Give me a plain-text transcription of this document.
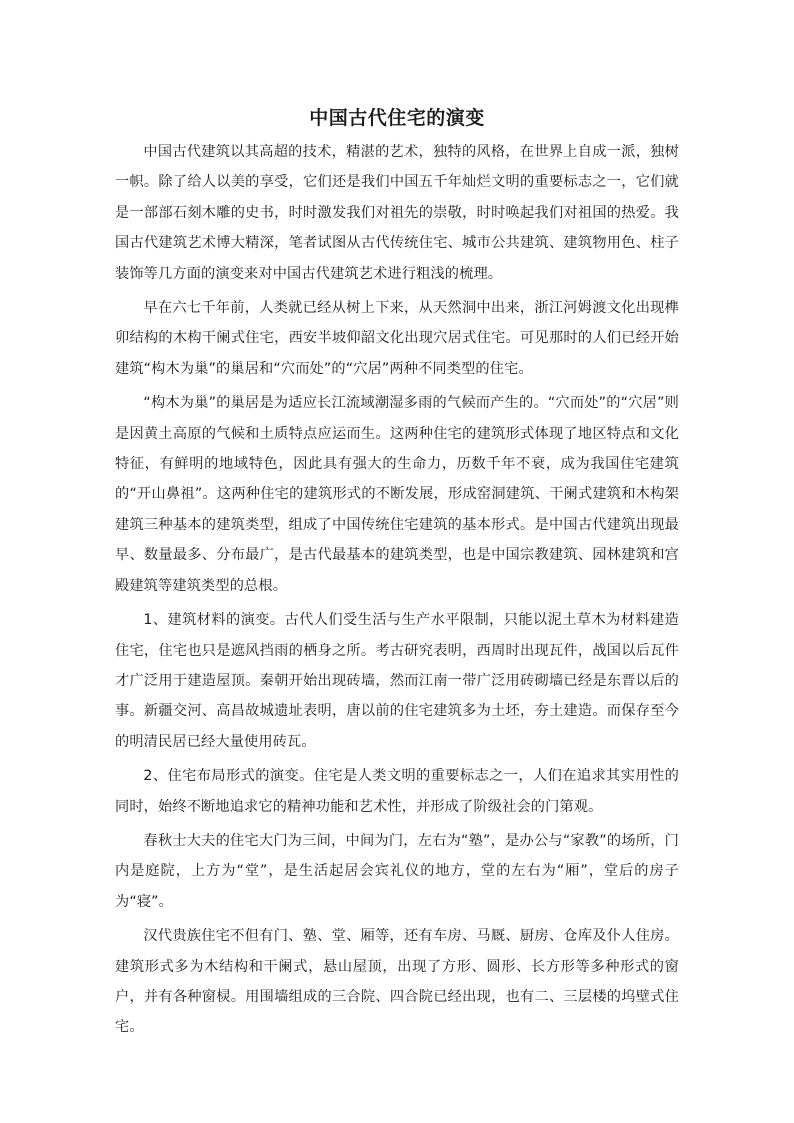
中国古代住宅的演变

中国古代建筑以其高超的技术，精湛的艺术，独特的风格，在世界上自成一派，独树一帜。除了给人以美的享受，它们还是我们中国五千年灿烂文明的重要标志之一，它们就是一部部石刻木雕的史书，时时激发我们对祖先的崇敬，时时唤起我们对祖国的热爱。我国古代建筑艺术博大精深，笔者试图从古代传统住宅、城市公共建筑、建筑物用色、柱子装饰等几方面的演变来对中国古代建筑艺术进行粗浅的梳理。

早在六七千年前，人类就已经从树上下来，从天然洞中出来，浙江河姆渡文化出现榫卯结构的木构干阑式住宅，西安半坡仰韶文化出现穴居式住宅。可见那时的人们已经开始建筑“构木为巢”的巢居和“穴而处”的“穴居”两种不同类型的住宅。

“构木为巢”的巢居是为适应长江流域潮湿多雨的气候而产生的。“穴而处”的“穴居”则是因黄土高原的气候和土质特点应运而生。这两种住宅的建筑形式体现了地区特点和文化特征，有鲜明的地域特色，因此具有强大的生命力，历数千年不衰，成为我国住宅建筑的“开山鼻祖”。这两种住宅的建筑形式的不断发展，形成窑洞建筑、干阑式建筑和木构架建筑三种基本的建筑类型，组成了中国传统住宅建筑的基本形式。是中国古代建筑出现最早、数量最多、分布最广，是古代最基本的建筑类型，也是中国宗教建筑、园林建筑和宫殿建筑等建筑类型的总根。

1、建筑材料的演变。古代人们受生活与生产水平限制，只能以泥土草木为材料建造住宅，住宅也只是遮风挡雨的栖身之所。考古研究表明，西周时出现瓦件，战国以后瓦件才广泛用于建造屋顶。秦朝开始出现砖墙，然而江南一带广泛用砖砌墙已经是东晋以后的事。新疆交河、高昌故城遗址表明，唐以前的住宅建筑多为土坯，夯土建造。而保存至今的明清民居已经大量使用砖瓦。

2、住宅布局形式的演变。住宅是人类文明的重要标志之一，人们在追求其实用性的同时，始终不断地追求它的精神功能和艺术性，并形成了阶级社会的门第观。

春秋士大夫的住宅大门为三间，中间为门，左右为“塾”，是办公与“家教”的场所，门内是庭院，上方为“堂”，是生活起居会宾礼仪的地方，堂的左右为“厢”，堂后的房子为“寝”。

汉代贵族住宅不但有门、塾、堂、厢等，还有车房、马厩、厨房、仓库及仆人住房。建筑形式多为木结构和干阑式，悬山屋顶，出现了方形、圆形、长方形等多种形式的窗户，并有各种窗棂。用围墙组成的三合院、四合院已经出现，也有二、三层楼的坞壁式住宅。
